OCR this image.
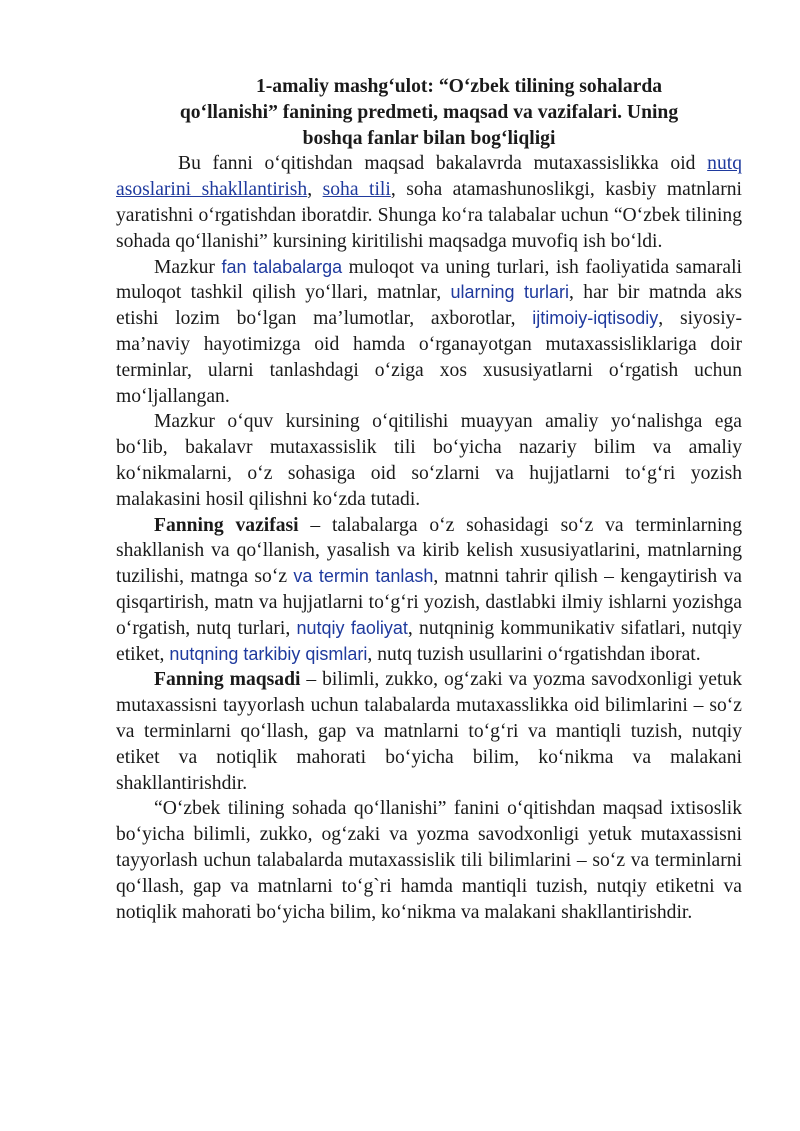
1-amaliy mashg‘ulot: “O‘zbek tilining sohalarda
qo‘llanishi” fanining predmeti, maqsad va vazifalari. Uning
boshqa fanlar bilan bog‘liqligi

Bu fanni o‘qitishdan maqsad bakalavrda mutaxassislikka oid nutq asoslarini shakllantirish, soha tili, soha atamashunoslikgi, kasbiy matnlarni yaratishni o‘rgatishdan iboratdir. Shunga ko‘ra talabalar uchun “O‘zbek tilining sohada qo‘llanishi” kursining kiritilishi maqsadga muvofiq ish bo‘ldi.

Mazkur fan talabalarga muloqot va uning turlari, ish faoliyatida samarali muloqot tashkil qilish yo‘llari, matnlar, ularning turlari, har bir matnda aks etishi lozim bo‘lgan ma’lumotlar, axborotlar, ijtimoiy-iqtisodiy, siyosiy-ma’naviy hayotimizga oid hamda o‘rganayotgan mutaxassisliklariga doir terminlar, ularni tanlashdagi o‘ziga xos xususiyatlarni o‘rgatish uchun mo‘ljallangan.

Mazkur o‘quv kursining o‘qitilishi muayyan amaliy yo‘nalishga ega bo‘lib, bakalavr mutaxassislik tili bo‘yicha nazariy bilim va amaliy ko‘nikmalarni, o‘z sohasiga oid so‘zlarni va hujjatlarni to‘g‘ri yozish malakasini hosil qilishni ko‘zda tutadi.

Fanning vazifasi – talabalarga o‘z sohasidagi so‘z va terminlarning shakllanish va qo‘llanish, yasalish va kirib kelish xususiyatlarini, matnlarning tuzilishi, matnga so‘z va termin tanlash, matnni tahrir qilish – kengaytirish va qisqartirish, matn va hujjatlarni to‘g‘ri yozish, dastlabki ilmiy ishlarni yozishga o‘rgatish, nutq turlari, nutqiy faoliyat, nutqninig kommunikativ sifatlari, nutqiy etiket, nutqning tarkibiy qismlari, nutq tuzish usullarini o‘rgatishdan iborat.

Fanning maqsadi – bilimli, zukko, og‘zaki va yozma savodxonligi yetuk mutaxassisni tayyorlash uchun talabalarda mutaxasslikka oid bilimlarini – so‘z va terminlarni qo‘llash, gap va matnlarni to‘g‘ri va mantiqli tuzish, nutqiy etiket va notiqlik mahorati bo‘yicha bilim, ko‘nikma va malakani shakllantirishdir.

“O‘zbek tilining sohada qo‘llanishi” fanini o‘qitishdan maqsad ixtisoslik bo‘yicha bilimli, zukko, og‘zaki va yozma savodxonligi yetuk mutaxassisni tayyorlash uchun talabalarda mutaxassislik tili bilimlarini – so‘z va terminlarni qo‘llash, gap va matnlarni to‘g`ri hamda mantiqli tuzish, nutqiy etiketni va notiqlik mahorati bo‘yicha bilim, ko‘nikma va malakani shakllantirishdir.
